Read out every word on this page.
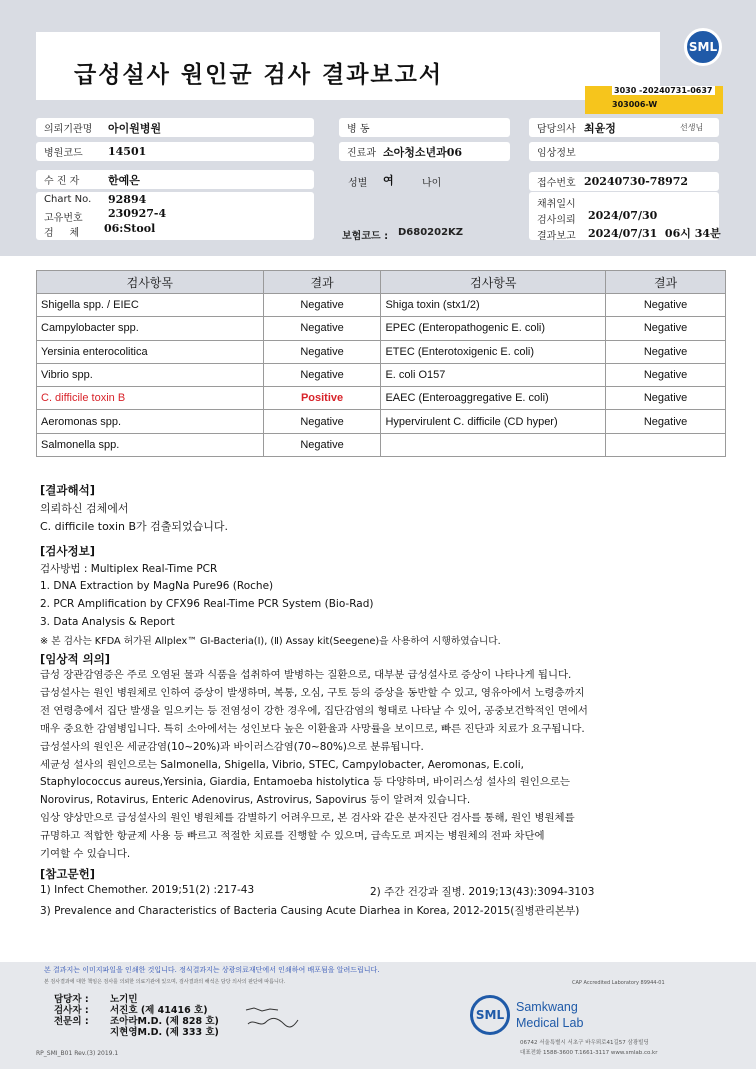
급성설사 원인균 검사 결과보고서
SML
3030 -20240731-0637
303006-W
의뢰기관명	아이원병원	병 동	담당의사 최윤정	선생님
병원코드	14501	진료과 소아청소년과06	임상정보
수 진 자	한예은	성별 여	나이	접수번호 20240730-78972
Chart No. 92894
고유번호 230927-4
검     체 06:Stool
보험코드 : D680202KZ
채취일시
검사의뢰 2024/07/30
결과보고 2024/07/31  06시 34분
검사항목	결과	검사항목	결과
Shigella spp. / EIEC	Negative	Shiga toxin (stx1/2)	Negative
Campylobacter spp.	Negative	EPEC (Enteropathogenic E. coli)	Negative
Yersinia enterocolitica	Negative	ETEC (Enterotoxigenic E. coli)	Negative
Vibrio spp.	Negative	E. coli O157	Negative
C. difficile toxin B	Positive	EAEC (Enteroaggregative E. coli)	Negative
Aeromonas spp.	Negative	Hypervirulent C. difficile (CD hyper)	Negative
Salmonella spp.	Negative		
[결과해석]
의뢰하신 검체에서
C. difficile toxin B가 검출되었습니다.
[검사정보]
검사방법 : Multiplex Real-Time PCR
1. DNA Extraction by MagNa Pure96 (Roche)
2. PCR Amplification by CFX96 Real-Time PCR System (Bio-Rad)
3. Data Analysis & Report
※ 본 검사는 KFDA 허가된 Allplex™ GI-Bacteria(Ⅰ), (Ⅱ) Assay kit(Seegene)을 사용하여 시행하였습니다.
[임상적 의의]
급성 장관감염증은 주로 오염된 물과 식품을 섭취하여 발병하는 질환으로, 대부분 급성설사로 증상이 나타나게 됩니다.
급성설사는 원인 병원체로 인하여 증상이 발생하며, 복통, 오심, 구토 등의 증상을 동반할 수 있고, 영유아에서 노령층까지
전 연령층에서 집단 발생을 일으키는 등 전염성이 강한 경우에, 집단감염의 형태로 나타날 수 있어, 공중보건학적인 면에서
매우 중요한 감염병입니다. 특히 소아에서는 성인보다 높은 이환율과 사망률을 보이므로, 빠른 진단과 치료가 요구됩니다.
급성설사의 원인은 세균감염(10~20%)과 바이러스감염(70~80%)으로 분류됩니다.
세균성 설사의 원인으로는 Salmonella, Shigella, Vibrio, STEC, Campylobacter, Aeromonas, E.coli,
Staphylococcus aureus,Yersinia, Giardia, Entamoeba histolytica 등 다양하며, 바이러스성 설사의 원인으로는
Norovirus, Rotavirus, Enteric Adenovirus, Astrovirus, Sapovirus 등이 알려져 있습니다.
임상 양상만으로 급성설사의 원인 병원체를 감별하기 어려우므로, 본 검사와 같은 분자진단 검사를 통해, 원인 병원체를
규명하고 적합한 항균제 사용 등 빠르고 적절한 치료를 진행할 수 있으며, 급속도로 퍼지는 병원체의 전파 차단에
기여할 수 있습니다.
[참고문헌]
1) Infect Chemother. 2019;51(2) :217-43	2) 주간 건강과 질병. 2019;13(43):3094-3103
3) Prevalence and Characteristics of Bacteria Causing Acute Diarhea in Korea, 2012-2015(질병관리본부)
본 결과지는 이미지파일을 인쇄한 것입니다. 정식결과지는 상광의료재단에서 인쇄하여 배포됨을 알려드립니다.
본 검사결과에 대한 책임은 검사를 의뢰한 의료기관에 있으며, 검사결과의 해석은 담당 의사의 판단에 따릅니다.	CAP Accredited Laboratory 89944-01
담당자 : 노기민
검사자 : 서진호 (제 41416 호)
전문의 : 조아라M.D. (제 828 호)
지현영M.D. (제 333 호)
SML
Samkwang
Medical Lab
06742 서울특별시 서초구 바우뫼로41길57 삼광빌딩
대표전화 1588-3600 T.1661-3117 www.smlab.co.kr
RP_SMI_B01 Rev.(3) 2019.1
